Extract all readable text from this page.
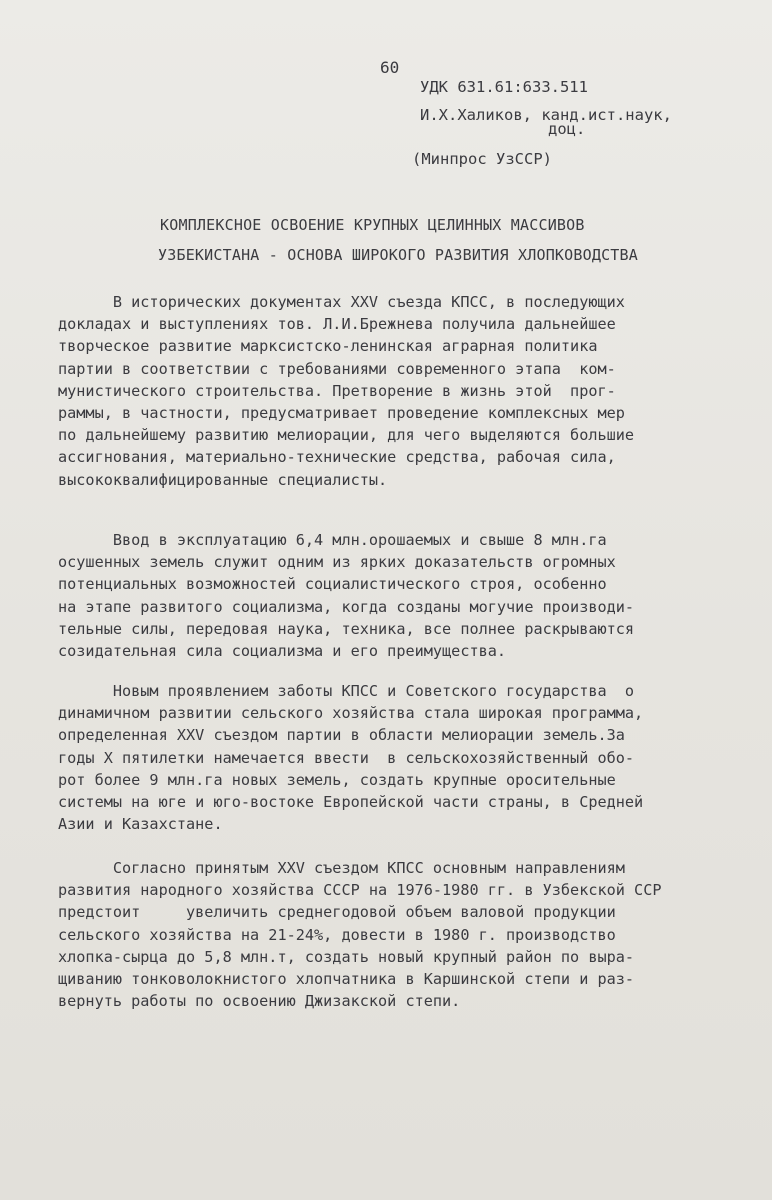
60
УДК 631.61:633.511
И.Х.Халиков, канд.ист.наук,
доц.
(Минпрос УзССР)
КОМПЛЕКСНОЕ ОСВОЕНИЕ КРУПНЫХ ЦЕЛИННЫХ МАССИВОВ
УЗБЕКИСТАНА - ОСНОВА ШИРОКОГО РАЗВИТИЯ ХЛОПКОВОДСТВА
В исторических документах XXV съезда КПСС, в последующих
докладах и выступлениях тов. Л.И.Брежнева получила дальнейшее
творческое развитие марксистско-ленинская аграрная политика
партии в соответствии с требованиями современного этапа  ком-
мунистического строительства. Претворение в жизнь этой  прог-
раммы, в частности, предусматривает проведение комплексных мер
по дальнейшему развитию мелиорации, для чего выделяются большие
ассигнования, материально-технические средства, рабочая сила,
высококвалифицированные специалисты.
Ввод в эксплуатацию 6,4 млн.орошаемых и свыше 8 млн.га
осушенных земель служит одним из ярких доказательств огромных
потенциальных возможностей социалистического строя, особенно
на этапе развитого социализма, когда созданы могучие производи-
тельные силы, передовая наука, техника, все полнее раскрываются
созидательная сила социализма и его преимущества.
Новым проявлением заботы КПСС и Советского государства  о
динамичном развитии сельского хозяйства стала широкая программа,
определенная XXV съездом партии в области мелиорации земель.За
годы X пятилетки намечается ввести  в сельскохозяйственный обо-
рот более 9 млн.га новых земель, создать крупные оросительные
системы на юге и юго-востоке Европейской части страны, в Средней
Азии и Казахстане.
Согласно принятым XXV съездом КПСС основным направлениям
развития народного хозяйства СССР на 1976-1980 гг. в Узбекской ССР
предстоит     увеличить среднегодовой объем валовой продукции
сельского хозяйства на 21-24%, довести в 1980 г. производство
хлопка-сырца до 5,8 млн.т, создать новый крупный район по выра-
щиванию тонковолокнистого хлопчатника в Каршинской степи и раз-
вернуть работы по освоению Джизакской степи.
